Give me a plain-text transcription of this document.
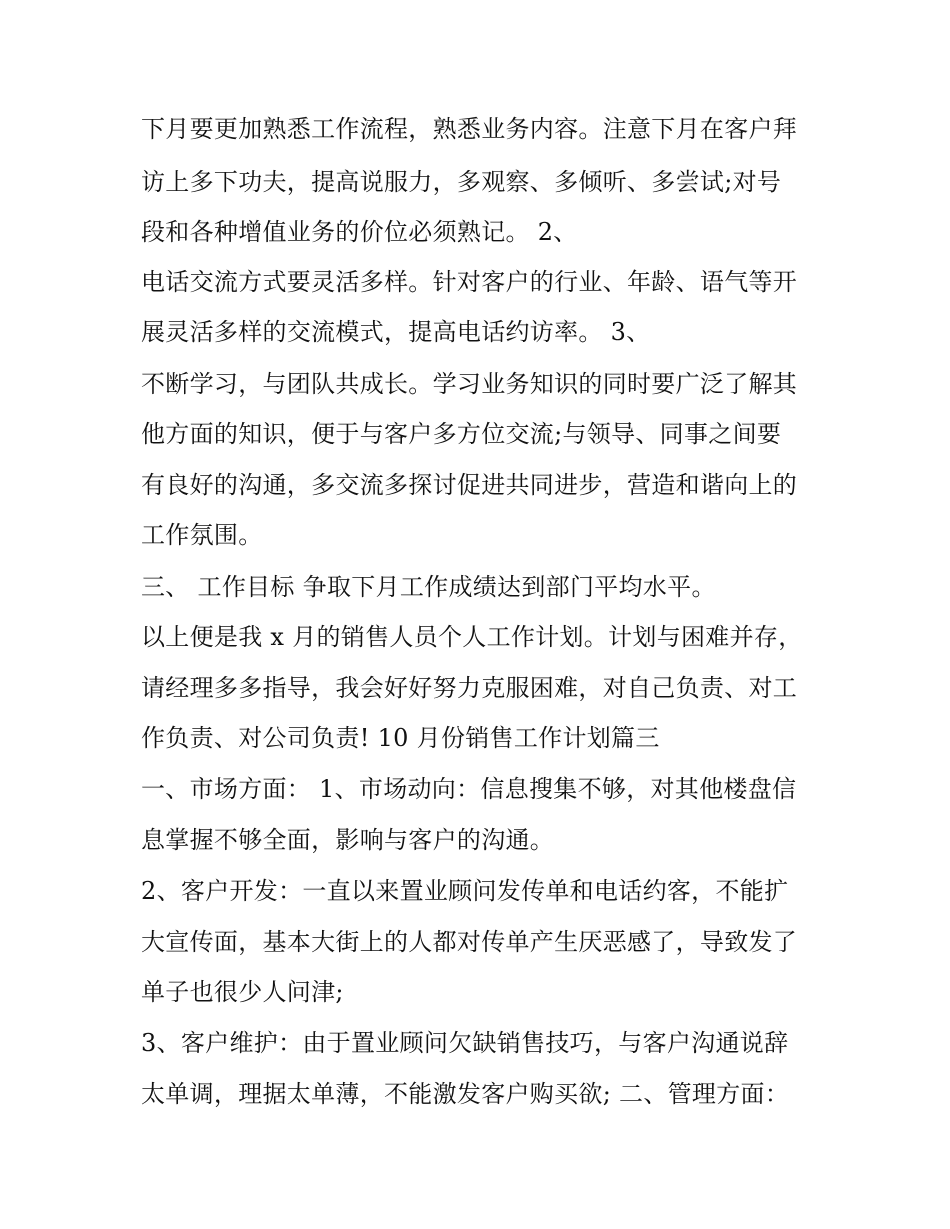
下月要更加熟悉工作流程，熟悉业务内容。注意下月在客户拜

访上多下功夫，提高说服力，多观察、多倾听、多尝试;对号

段和各种增值业务的价位必须熟记。 2、

电话交流方式要灵活多样。针对客户的行业、年龄、语气等开

展灵活多样的交流模式，提高电话约访率。 3、

不断学习，与团队共成长。学习业务知识的同时要广泛了解其

他方面的知识，便于与客户多方位交流;与领导、同事之间要

有良好的沟通，多交流多探讨促进共同进步，营造和谐向上的

工作氛围。

三、 工作目标 争取下月工作成绩达到部门平均水平。

以上便是我 x 月的销售人员个人工作计划。计划与困难并存，

请经理多多指导，我会好好努力克服困难，对自己负责、对工

作负责、对公司负责! 10 月份销售工作计划篇三

一、市场方面： 1、市场动向：信息搜集不够，对其他楼盘信

息掌握不够全面，影响与客户的沟通。

2、客户开发：一直以来置业顾问发传单和电话约客，不能扩

大宣传面，基本大街上的人都对传单产生厌恶感了，导致发了

单子也很少人问津;

3、客户维护：由于置业顾问欠缺销售技巧，与客户沟通说辞

太单调，理据太单薄，不能激发客户购买欲; 二、管理方面：
